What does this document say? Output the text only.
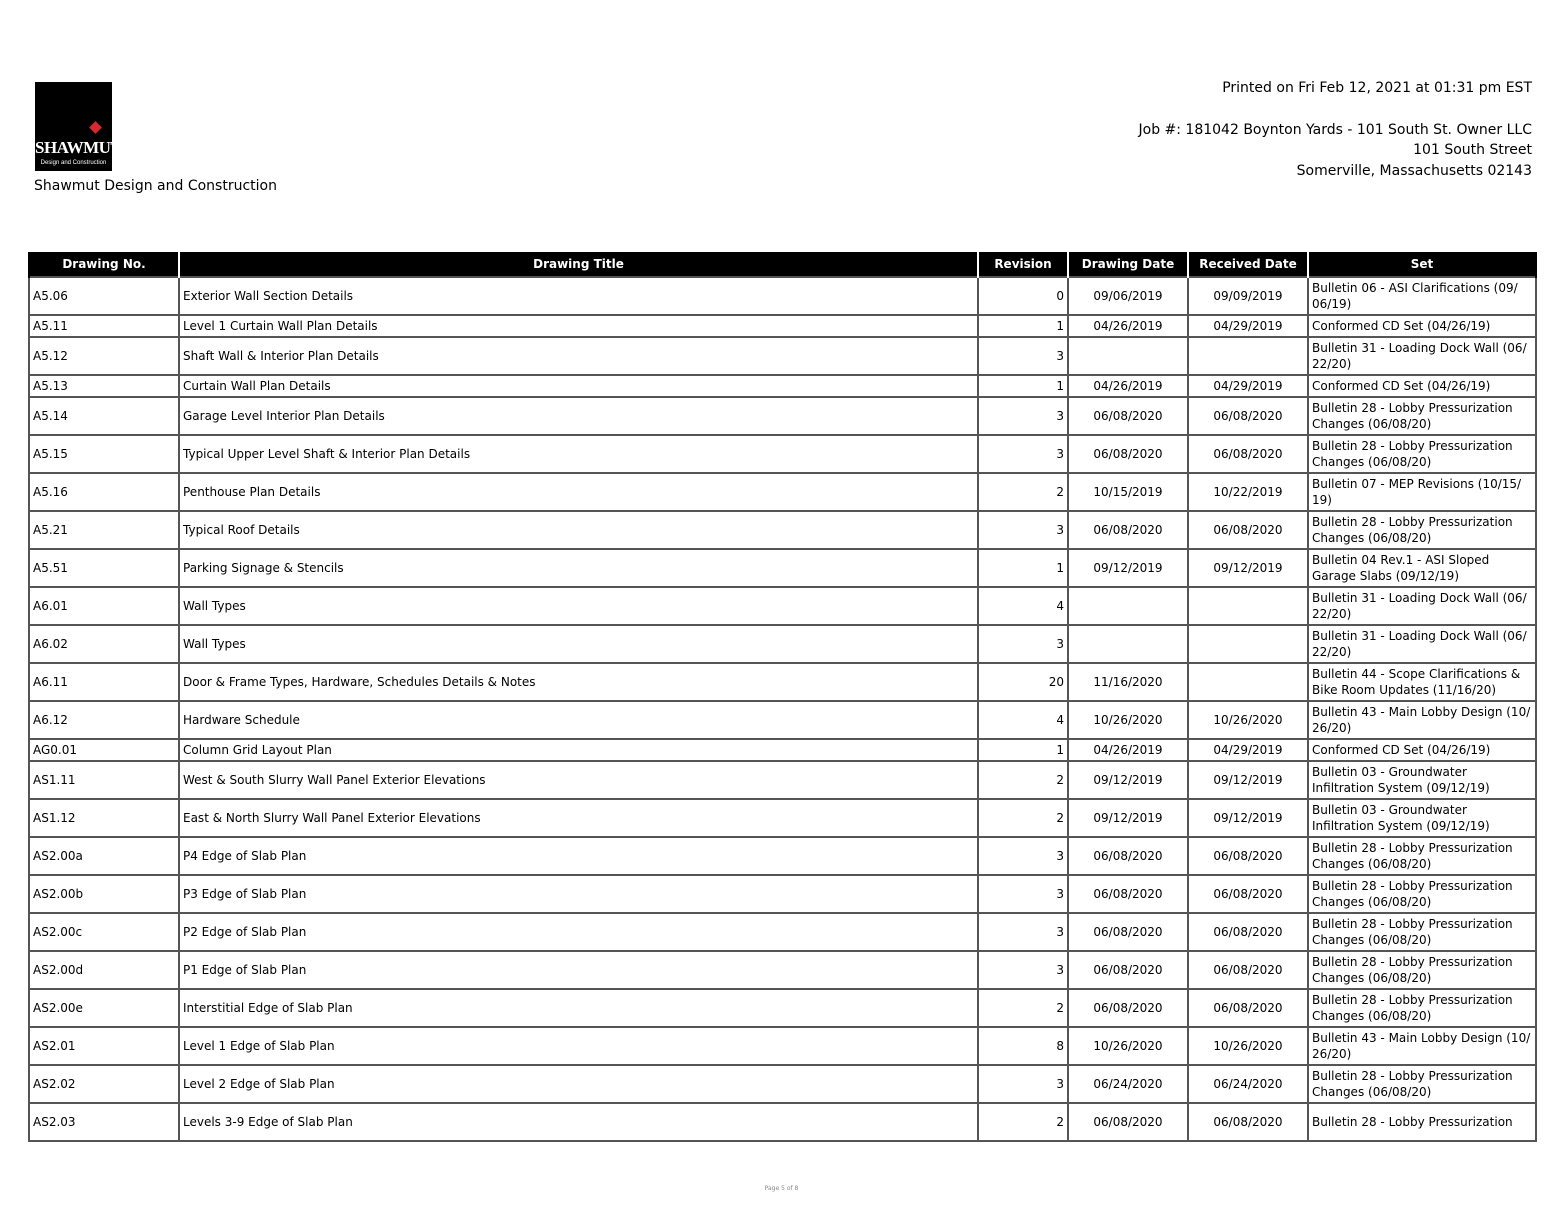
SHAWMUT
Design and Construction
Shawmut Design and Construction
Printed on Fri Feb 12, 2021 at 01:31 pm EST
Job #: 181042 Boynton Yards - 101 South St. Owner LLC
101 South Street
Somerville, Massachusetts 02143
Drawing No.	Drawing Title	Revision	Drawing Date	Received Date	Set
A5.06	Exterior Wall Section Details	0	09/06/2019	09/09/2019	Bulletin 06 - ASI Clarifications (09/ 06/19)
A5.11	Level 1 Curtain Wall Plan Details	1	04/26/2019	04/29/2019	Conformed CD Set (04/26/19)
A5.12	Shaft Wall & Interior Plan Details	3			Bulletin 31 - Loading Dock Wall (06/ 22/20)
A5.13	Curtain Wall Plan Details	1	04/26/2019	04/29/2019	Conformed CD Set (04/26/19)
A5.14	Garage Level Interior Plan Details	3	06/08/2020	06/08/2020	Bulletin 28 - Lobby Pressurization Changes (06/08/20)
A5.15	Typical Upper Level Shaft & Interior Plan Details	3	06/08/2020	06/08/2020	Bulletin 28 - Lobby Pressurization Changes (06/08/20)
A5.16	Penthouse Plan Details	2	10/15/2019	10/22/2019	Bulletin 07 - MEP Revisions (10/15/ 19)
A5.21	Typical Roof Details	3	06/08/2020	06/08/2020	Bulletin 28 - Lobby Pressurization Changes (06/08/20)
A5.51	Parking Signage & Stencils	1	09/12/2019	09/12/2019	Bulletin 04 Rev.1 - ASI Sloped Garage Slabs (09/12/19)
A6.01	Wall Types	4			Bulletin 31 - Loading Dock Wall (06/ 22/20)
A6.02	Wall Types	3			Bulletin 31 - Loading Dock Wall (06/ 22/20)
A6.11	Door & Frame Types, Hardware, Schedules Details & Notes	20	11/16/2020		Bulletin 44 - Scope Clarifications & Bike Room Updates (11/16/20)
A6.12	Hardware Schedule	4	10/26/2020	10/26/2020	Bulletin 43 - Main Lobby Design (10/ 26/20)
AG0.01	Column Grid Layout Plan	1	04/26/2019	04/29/2019	Conformed CD Set (04/26/19)
AS1.11	West & South Slurry Wall Panel Exterior Elevations	2	09/12/2019	09/12/2019	Bulletin 03 - Groundwater Infiltration System (09/12/19)
AS1.12	East & North Slurry Wall Panel Exterior Elevations	2	09/12/2019	09/12/2019	Bulletin 03 - Groundwater Infiltration System (09/12/19)
AS2.00a	P4 Edge of Slab Plan	3	06/08/2020	06/08/2020	Bulletin 28 - Lobby Pressurization Changes (06/08/20)
AS2.00b	P3 Edge of Slab Plan	3	06/08/2020	06/08/2020	Bulletin 28 - Lobby Pressurization Changes (06/08/20)
AS2.00c	P2 Edge of Slab Plan	3	06/08/2020	06/08/2020	Bulletin 28 - Lobby Pressurization Changes (06/08/20)
AS2.00d	P1 Edge of Slab Plan	3	06/08/2020	06/08/2020	Bulletin 28 - Lobby Pressurization Changes (06/08/20)
AS2.00e	Interstitial Edge of Slab Plan	2	06/08/2020	06/08/2020	Bulletin 28 - Lobby Pressurization Changes (06/08/20)
AS2.01	Level 1 Edge of Slab Plan	8	10/26/2020	10/26/2020	Bulletin 43 - Main Lobby Design (10/ 26/20)
AS2.02	Level 2 Edge of Slab Plan	3	06/24/2020	06/24/2020	Bulletin 28 - Lobby Pressurization Changes (06/08/20)
AS2.03	Levels 3-9 Edge of Slab Plan	2	06/08/2020	06/08/2020	Bulletin 28 - Lobby Pressurization
Page 5 of 8
